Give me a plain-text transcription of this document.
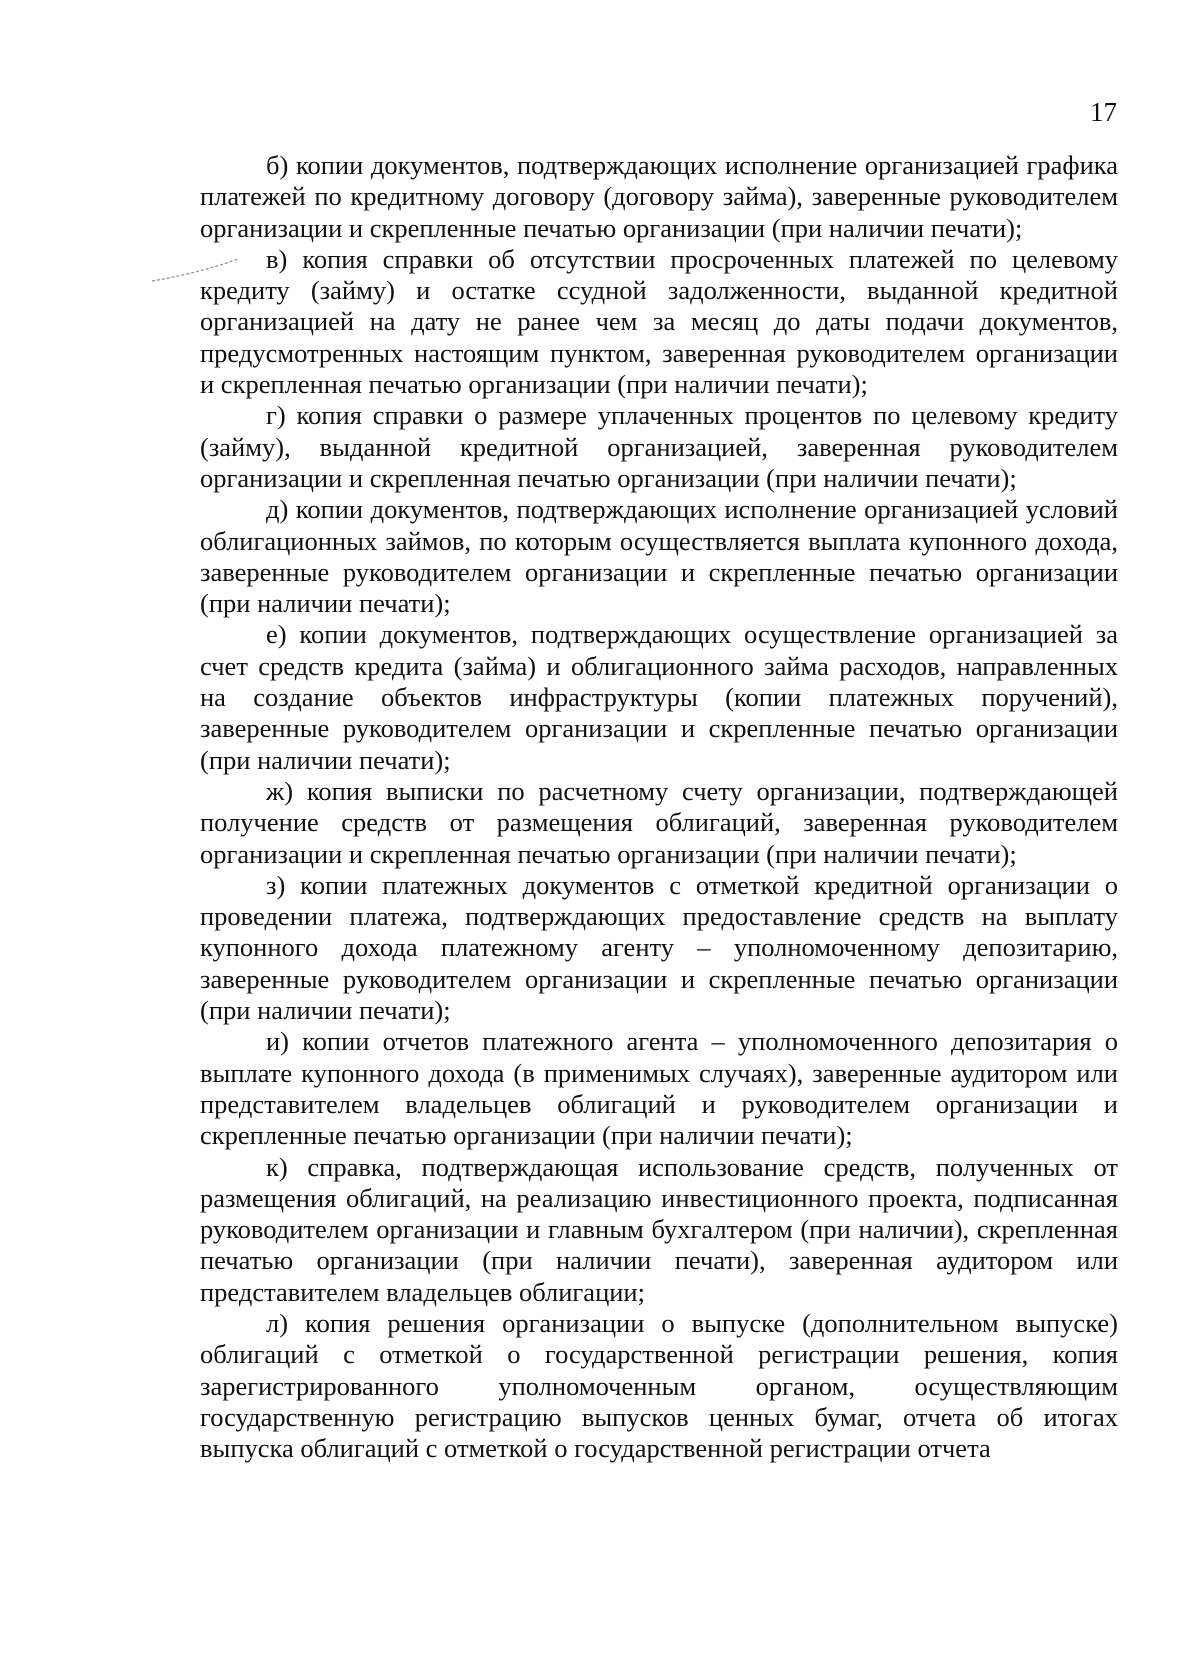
17

б) копии документов, подтверждающих исполнение организацией графика платежей по кредитному договору (договору займа), заверенные руководителем организации и скрепленные печатью организации (при наличии печати);

в) копия справки об отсутствии просроченных платежей по целевому кредиту (займу) и остатке ссудной задолженности, выданной кредитной организацией на дату не ранее чем за месяц до даты подачи документов, предусмотренных настоящим пунктом, заверенная руководителем организации и скрепленная печатью организации (при наличии печати);

г) копия справки о размере уплаченных процентов по целевому кредиту (займу), выданной кредитной организацией, заверенная руководителем организации и скрепленная печатью организации (при наличии печати);

д) копии документов, подтверждающих исполнение организацией условий облигационных займов, по которым осуществляется выплата купонного дохода, заверенные руководителем организации и скрепленные печатью организации (при наличии печати);

е) копии документов, подтверждающих осуществление организацией за счет средств кредита (займа) и облигационного займа расходов, направленных на создание объектов инфраструктуры (копии платежных поручений), заверенные руководителем организации и скрепленные печатью организации (при наличии печати);

ж) копия выписки по расчетному счету организации, подтверждающей получение средств от размещения облигаций, заверенная руководителем организации и скрепленная печатью организации (при наличии печати);

з) копии платежных документов с отметкой кредитной организации о проведении платежа, подтверждающих предоставление средств на выплату купонного дохода платежному агенту – уполномоченному депозитарию, заверенные руководителем организации и скрепленные печатью организации (при наличии печати);

и) копии отчетов платежного агента – уполномоченного депозитария о выплате купонного дохода (в применимых случаях), заверенные аудитором или представителем владельцев облигаций и руководителем организации и скрепленные печатью организации (при наличии печати);

к) справка, подтверждающая использование средств, полученных от размещения облигаций, на реализацию инвестиционного проекта, подписанная руководителем организации и главным бухгалтером (при наличии), скрепленная печатью организации (при наличии печати), заверенная аудитором или представителем владельцев облигации;

л) копия решения организации о выпуске (дополнительном выпуске) облигаций с отметкой о государственной регистрации решения, копия зарегистрированного уполномоченным органом, осуществляющим государственную регистрацию выпусков ценных бумаг, отчета об итогах выпуска облигаций с отметкой о государственной регистрации отчета
